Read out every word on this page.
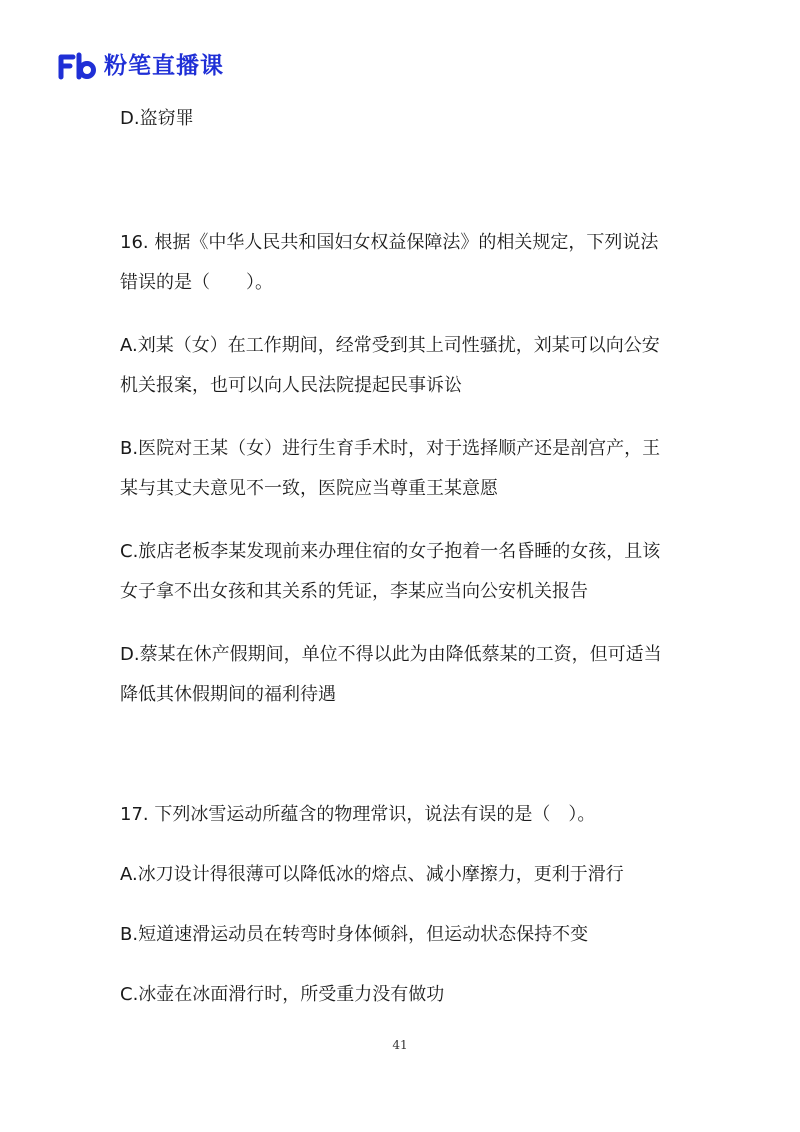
粉笔直播课
D.盗窃罪
16. 根据《中华人民共和国妇女权益保障法》的相关规定，下列说法
错误的是（　　）。
A.刘某（女）在工作期间，经常受到其上司性骚扰，刘某可以向公安
机关报案，也可以向人民法院提起民事诉讼
B.医院对王某（女）进行生育手术时，对于选择顺产还是剖宫产，王
某与其丈夫意见不一致，医院应当尊重王某意愿
C.旅店老板李某发现前来办理住宿的女子抱着一名昏睡的女孩，且该
女子拿不出女孩和其关系的凭证，李某应当向公安机关报告
D.蔡某在休产假期间，单位不得以此为由降低蔡某的工资，但可适当
降低其休假期间的福利待遇
17. 下列冰雪运动所蕴含的物理常识，说法有误的是（　）。
A.冰刀设计得很薄可以降低冰的熔点、减小摩擦力，更利于滑行
B.短道速滑运动员在转弯时身体倾斜，但运动状态保持不变
C.冰壶在冰面滑行时，所受重力没有做功
41
